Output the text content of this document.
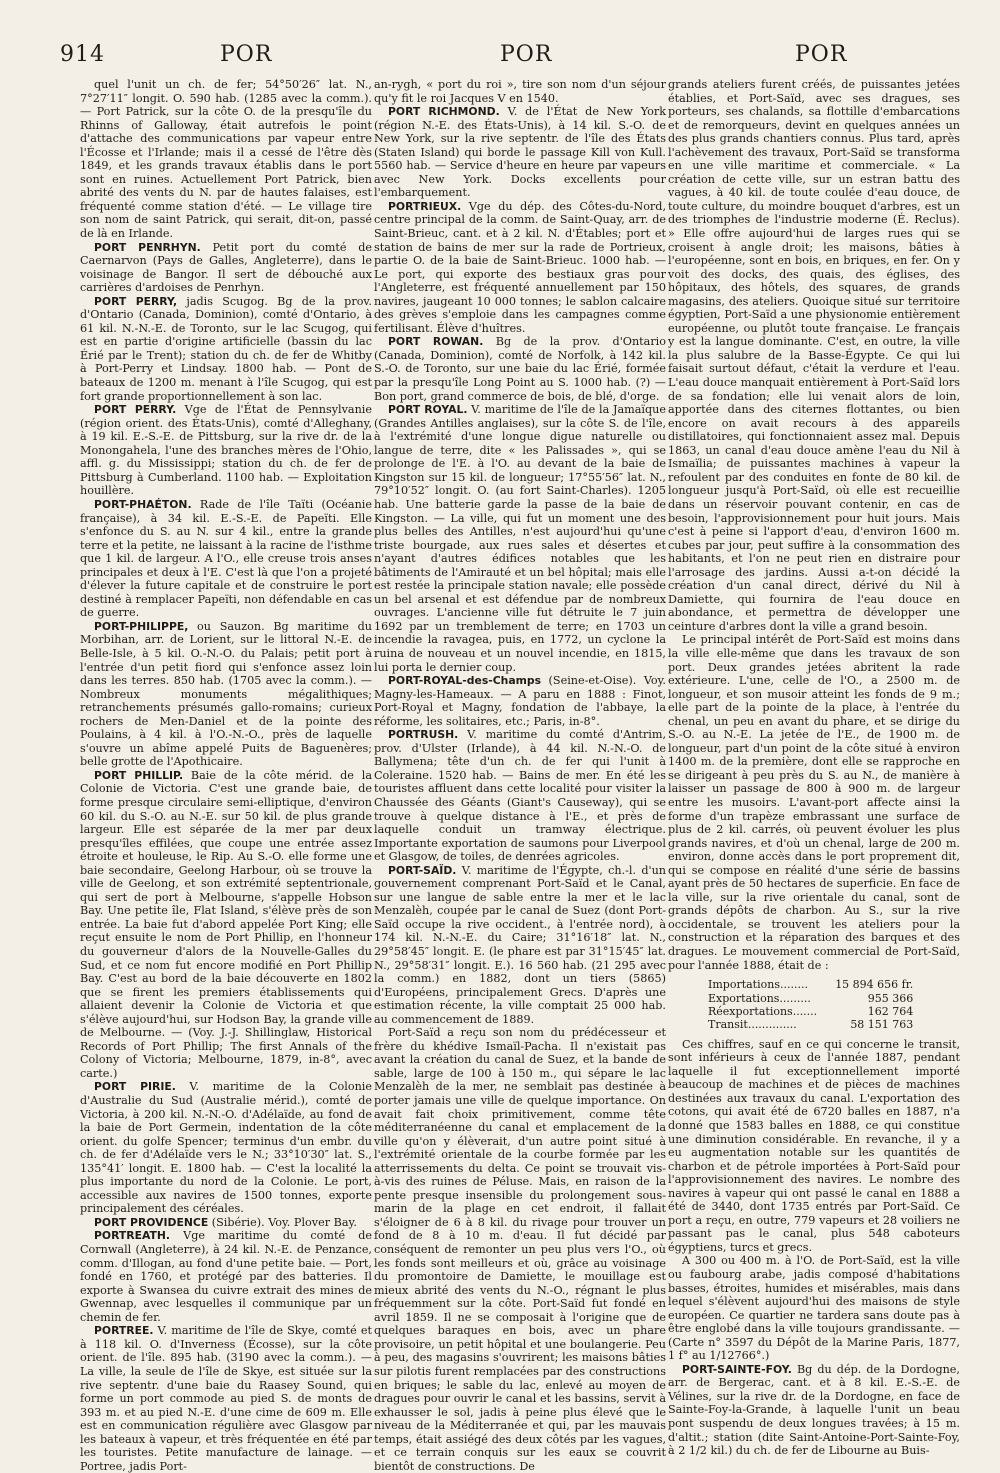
914	POR	POR	POR

quel l'unit un ch. de fer; 54°50′26″ lat. N., 7°27′11″ longit. O. 590 hab. (1285 avec la comm.). — Port Patrick, sur la côte O. de la presqu'île du Rhinns of Galloway, était autrefois le point d'attache des communications par vapeur entre l'Écosse et l'Irlande; mais il a cessé de l'être dès 1849, et les grands travaux établis dans le port sont en ruines. Actuellement Port Patrick, bien abrité des vents du N. par de hautes falaises, est fréquenté comme station d'été. — Le village tire son nom de saint Patrick, qui serait, dit-on, passé de là en Irlande.

PORT PENRHYN. Petit port du comté de Caernarvon (Pays de Galles, Angleterre), dans le voisinage de Bangor. Il sert de débouché aux carrières d'ardoises de Penrhyn.

PORT PERRY, jadis Scugog. Bg de la prov. d'Ontario (Canada, Dominion), comté d'Ontario, à 61 kil. N.-N.-E. de Toronto, sur le lac Scugog, qui est en partie d'origine artificielle (bassin du lac Érié par le Trent); station du ch. de fer de Whitby à Port-Perry et Lindsay. 1800 hab. — Pont de bateaux de 1200 m. menant à l'île Scugog, qui est fort grande proportionnellement à son lac.

PORT PERRY. Vge de l'État de Pennsylvanie (région orient. des États-Unis), comté d'Alleghany, à 19 kil. E.-S.-E. de Pittsburg, sur la rive dr. de la Monongahela, l'une des branches mères de l'Ohio, affl. g. du Mississippi; station du ch. de fer de Pittsburg à Cumberland. 1100 hab. — Exploitation houillère.

PORT-PHAÉTON. Rade de l'île Taïti (Océanie française), à 34 kil. E.-S.-E. de Papeïti. Elle s'enfonce du S. au N. sur 4 kil., entre la grande terre et la petite, ne laissant à la racine de l'isthme que 1 kil. de largeur. A l'O., elle creuse trois anses principales et deux à l'E. C'est là que l'on a projeté d'élever la future capitale et de construire le port destiné à remplacer Papeïti, non défendable en cas de guerre.

PORT-PHILIPPE, ou Sauzon. Bg maritime du Morbihan, arr. de Lorient, sur le littoral N.-E. de Belle-Isle, à 5 kil. O.-N.-O. du Palais; petit port à l'entrée d'un petit fiord qui s'enfonce assez loin dans les terres. 850 hab. (1705 avec la comm.). — Nombreux monuments mégalithiques; retranchements présumés gallo-romains; curieux rochers de Men-Daniel et de la pointe des Poulains, à 4 kil. à l'O.-N.-O., près de laquelle s'ouvre un abîme appelé Puits de Baguenères; belle grotte de l'Apothicaire.

PORT PHILLIP. Baie de la côte mérid. de la Colonie de Victoria. C'est une grande baie, de forme presque circulaire semi-elliptique, d'environ 60 kil. du S.-O. au N.-E. sur 50 kil. de plus grande largeur. Elle est séparée de la mer par deux presqu'îles effilées, que coupe une entrée assez étroite et houleuse, le Rip. Au S.-O. elle forme une baie secondaire, Geelong Harbour, où se trouve la ville de Geelong, et son extrémité septentrionale, qui sert de port à Melbourne, s'appelle Hobson Bay. Une petite île, Flat Island, s'élève près de son entrée. La baie fut d'abord appelée Port King; elle reçut ensuite le nom de Port Phillip, en l'honneur du gouverneur d'alors de la Nouvelle-Galles du Sud, et ce nom fut encore modifié en Port Phillip Bay. C'est au bord de la baie découverte en 1802 que se firent les premiers établissements qui allaient devenir la Colonie de Victoria et que s'élève aujourd'hui, sur Hodson Bay, la grande ville de Melbourne. — (Voy. J.-J. Shillinglaw, Historical Records of Port Phillip; The first Annals of the Colony of Victoria; Melbourne, 1879, in-8°, avec carte.)

PORT PIRIE. V. maritime de la Colonie d'Australie du Sud (Australie mérid.), comté de Victoria, à 200 kil. N.-N.-O. d'Adélaïde, au fond de la baie de Port Germein, indentation de la côte orient. du golfe Spencer; terminus d'un embr. du ch. de fer d'Adélaïde vers le N.; 33°10′30″ lat. S., 135°41′ longit. E. 1800 hab. — C'est la localité la plus importante du nord de la Colonie. Le port, accessible aux navires de 1500 tonnes, exporte principalement des céréales.

PORT PROVIDENCE (Sibérie). Voy. Plover Bay.

PORTREATH. Vge maritime du comté de Cornwall (Angleterre), à 24 kil. N.-E. de Penzance, comm. d'Illogan, au fond d'une petite baie. — Port, fondé en 1760, et protégé par des batteries. Il exporte à Swansea du cuivre extrait des mines de Gwennap, avec lesquelles il communique par un chemin de fer.

PORTREE. V. maritime de l'île de Skye, comté et à 118 kil. O. d'Inverness (Écosse), sur la côte orient. de l'île. 895 hab. (3190 avec la comm.). — La ville, la seule de l'île de Skye, est située sur la rive septentr. d'une baie du Raasey Sound, qui forme un port commode au pied S. de monts de 393 m. et au pied N.-E. d'une cime de 609 m. Elle est en communication régulière avec Glasgow par les bateaux à vapeur, et très fréquentée en été par les touristes. Petite manufacture de lainage. — Portree, jadis Port-

an-rygh, « port du roi », tire son nom d'un séjour qu'y fit le roi Jacques V en 1540.

PORT RICHMOND. V. de l'État de New York (région N.-E. des États-Unis), à 14 kil. S.-O. de New York, sur la rive septentr. de l'île des États (Staten Island) qui borde le passage Kill von Kull. 5560 hab. — Service d'heure en heure par vapeurs avec New York. Docks excellents pour l'embarquement.

PORTRIEUX. Vge du dép. des Côtes-du-Nord, centre principal de la comm. de Saint-Quay, arr. de Saint-Brieuc, cant. et à 2 kil. N. d'Étables; port et station de bains de mer sur la rade de Portrieux, partie O. de la baie de Saint-Brieuc. 1000 hab. — Le port, qui exporte des bestiaux gras pour l'Angleterre, est fréquenté annuellement par 150 navires, jaugeant 10 000 tonnes; le sablon calcaire des grèves s'emploie dans les campagnes comme fertilisant. Élève d'huîtres.

PORT ROWAN. Bg de la prov. d'Ontario (Canada, Dominion), comté de Norfolk, à 142 kil. S.-O. de Toronto, sur une baie du lac Érié, formée par la presqu'île Long Point au S. 1000 hab. (?) — Bon port, grand commerce de bois, de blé, d'orge.

PORT ROYAL. V. maritime de l'île de la Jamaïque (Grandes Antilles anglaises), sur la côte S. de l'île, à l'extrémité d'une longue digue naturelle ou langue de terre, dite « les Palissades », qui se prolonge de l'E. à l'O. au devant de la baie de Kingston sur 15 kil. de longueur; 17°55′56″ lat. N., 79°10′52″ longit. O. (au fort Saint-Charles). 1205 hab. Une batterie garde la passe de la baie de Kingston. — La ville, qui fut un moment une des plus belles des Antilles, n'est aujourd'hui qu'une triste bourgade, aux rues sales et désertes et n'ayant d'autres édifices notables que les bâtiments de l'Amirauté et un bel hôpital; mais elle est restée la principale station navale; elle possède un bel arsenal et est défendue par de nombreux ouvrages. L'ancienne ville fut détruite le 7 juin 1692 par un tremblement de terre; en 1703 un incendie la ravagea, puis, en 1772, un cyclone la ruina de nouveau et un nouvel incendie, en 1815, lui porta le dernier coup.

PORT-ROYAL-des-Champs (Seine-et-Oise). Voy. Magny-les-Hameaux. — A paru en 1888 : Finot, Port-Royal et Magny, fondation de l'abbaye, la réforme, les solitaires, etc.; Paris, in-8°.

PORTRUSH. V. maritime du comté d'Antrim, prov. d'Ulster (Irlande), à 44 kil. N.-N.-O. de Ballymena; tête d'un ch. de fer qui l'unit à Coleraine. 1520 hab. — Bains de mer. En été les touristes affluent dans cette localité pour visiter la Chaussée des Géants (Giant's Causeway), qui se trouve à quelque distance à l'E., et près de laquelle conduit un tramway électrique. Importante exportation de saumons pour Liverpool et Glasgow, de toiles, de denrées agricoles.

PORT-SAÏD. V. maritime de l'Égypte, ch.-l. d'un gouvernement comprenant Port-Saïd et le Canal, sur une langue de sable entre la mer et le lac Menzalèh, coupée par le canal de Suez (dont Port-Saïd occupe la rive occident., à l'entrée nord), à 174 kil. N.-N.-E. du Caire; 31°16′18″ lat. N., 29°58′45″ longit. E. (le phare est par 31°15′45″ lat. N., 29°58′31″ longit. E.). 16 560 hab. (21 295 avec la comm.) en 1882, dont un tiers (5865) d'Européens, principalement Grecs. D'après une estimation récente, la ville comptait 25 000 hab. au commencement de 1889.

Port-Saïd a reçu son nom du prédécesseur et frère du khédive Ismaïl-Pacha. Il n'existait pas avant la création du canal de Suez, et la bande de sable, large de 100 à 150 m., qui sépare le lac Menzalèh de la mer, ne semblait pas destinée à porter jamais une ville de quelque importance. On avait fait choix primitivement, comme tête méditerranéenne du canal et emplacement de la ville qu'on y élèverait, d'un autre point situé à l'extrémité orientale de la courbe formée par les atterrissements du delta. Ce point se trouvait vis-à-vis des ruines de Péluse. Mais, en raison de la pente presque insensible du prolongement sous-marin de la plage en cet endroit, il fallait s'éloigner de 6 à 8 kil. du rivage pour trouver un fond de 8 à 10 m. d'eau. Il fut décidé par conséquent de remonter un peu plus vers l'O., où les fonds sont meilleurs et où, grâce au voisinage du promontoire de Damiette, le mouillage est mieux abrité des vents du N.-O., régnant le plus fréquemment sur la côte. Port-Saïd fut fondé en avril 1859. Il ne se composait à l'origine que de quelques baraques en bois, avec un phare provisoire, un petit hôpital et une boulangerie. Peu à peu, des magasins s'ouvrirent; les maisons bâties sur pilotis furent remplacées par des constructions en briques; le sable du lac, enlevé au moyen de dragues pour ouvrir le canal et les bassins, servit à exhausser le sol, jadis à peine plus élevé que le niveau de la Méditerranée et qui, par les mauvais temps, était assiégé des deux côtés par les vagues, et ce terrain conquis sur les eaux se couvrit bientôt de constructions. De

grands ateliers furent créés, de puissantes jetées établies, et Port-Saïd, avec ses dragues, ses porteurs, ses chalands, sa flottille d'embarcations et de remorqueurs, devint en quelques années un des plus grands chantiers connus. Plus tard, après l'achèvement des travaux, Port-Saïd se transforma en une ville maritime et commerciale. « La création de cette ville, sur un estran battu des vagues, à 40 kil. de toute coulée d'eau douce, de toute culture, du moindre bouquet d'arbres, est un des triomphes de l'industrie moderne (É. Reclus). » Elle offre aujourd'hui de larges rues qui se croisent à angle droit; les maisons, bâties à l'européenne, sont en bois, en briques, en fer. On y voit des docks, des quais, des églises, des hôpitaux, des hôtels, des squares, de grands magasins, des ateliers. Quoique situé sur territoire égyptien, Port-Saïd a une physionomie entièrement européenne, ou plutôt toute française. Le français y est la langue dominante. C'est, en outre, la ville la plus salubre de la Basse-Égypte. Ce qui lui faisait surtout défaut, c'était la verdure et l'eau. L'eau douce manquait entièrement à Port-Saïd lors de sa fondation; elle lui venait alors de loin, apportée dans des citernes flottantes, ou bien encore on avait recours à des appareils distillatoires, qui fonctionnaient assez mal. Depuis 1863, un canal d'eau douce amène l'eau du Nil à Ismaïlia; de puissantes machines à vapeur la refoulent par des conduites en fonte de 80 kil. de longueur jusqu'à Port-Saïd, où elle est recueillie dans un réservoir pouvant contenir, en cas de besoin, l'approvisionnement pour huit jours. Mais c'est à peine si l'apport d'eau, d'environ 1600 m. cubes par jour, peut suffire à la consommation des habitants, et l'on ne peut rien en distraire pour l'arrosage des jardins. Aussi a-t-on décidé la création d'un canal direct, dérivé du Nil à Damiette, qui fournira de l'eau douce en abondance, et permettra de développer une ceinture d'arbres dont la ville a grand besoin.

Le principal intérêt de Port-Saïd est moins dans la ville elle-même que dans les travaux de son port. Deux grandes jetées abritent la rade extérieure. L'une, celle de l'O., a 2500 m. de longueur, et son musoir atteint les fonds de 9 m.; elle part de la pointe de la place, à l'entrée du chenal, un peu en avant du phare, et se dirige du S.-O. au N.-E. La jetée de l'E., de 1900 m. de longueur, part d'un point de la côte situé à environ 1400 m. de la première, dont elle se rapproche en se dirigeant à peu près du S. au N., de manière à laisser un passage de 800 à 900 m. de largeur entre les musoirs. L'avant-port affecte ainsi la forme d'un trapèze embrassant une surface de plus de 2 kil. carrés, où peuvent évoluer les plus grands navires, et d'où un chenal, large de 200 m. environ, donne accès dans le port proprement dit, qui se compose en réalité d'une série de bassins ayant près de 50 hectares de superficie. En face de la ville, sur la rive orientale du canal, sont de grands dépôts de charbon. Au S., sur la rive occidentale, se trouvent les ateliers pour la construction et la réparation des barques et des dragues. Le mouvement commercial de Port-Saïd, pour l'année 1888, était de :

Importations........	15 894 656 fr.
Exportations.........	955 366
Réexportations.......	162 764
Transit..............	58 151 763

Ces chiffres, sauf en ce qui concerne le transit, sont inférieurs à ceux de l'année 1887, pendant laquelle il fut exceptionnellement importé beaucoup de machines et de pièces de machines destinées aux travaux du canal. L'exportation des cotons, qui avait été de 6720 balles en 1887, n'a donné que 1583 balles en 1888, ce qui constitue une diminution considérable. En revanche, il y a eu augmentation notable sur les quantités de charbon et de pétrole importées à Port-Saïd pour l'approvisionnement des navires. Le nombre des navires à vapeur qui ont passé le canal en 1888 a été de 3440, dont 1735 entrés par Port-Saïd. Ce port a reçu, en outre, 779 vapeurs et 28 voiliers ne passant pas le canal, plus 548 caboteurs égyptiens, turcs et grecs.

A 300 ou 400 m. à l'O. de Port-Saïd, est la ville ou faubourg arabe, jadis composé d'habitations basses, étroites, humides et misérables, mais dans lequel s'élèvent aujourd'hui des maisons de style européen. Ce quartier ne tardera sans doute pas à être englobé dans la ville toujours grandissante. — (Carte n° 3597 du Dépôt de la Marine Paris, 1877, 1 f° au 1/12766°.)

PORT-SAINTE-FOY. Bg du dép. de la Dordogne, arr. de Bergerac, cant. et à 8 kil. E.-S.-E. de Vélines, sur la rive dr. de la Dordogne, en face de Sainte-Foy-la-Grande, à laquelle l'unit un beau pont suspendu de deux longues travées; à 15 m. d'altit.; station (dite Saint-Antoine-Port-Sainte-Foy, à 2 1/2 kil.) du ch. de fer de Libourne au Buis-
